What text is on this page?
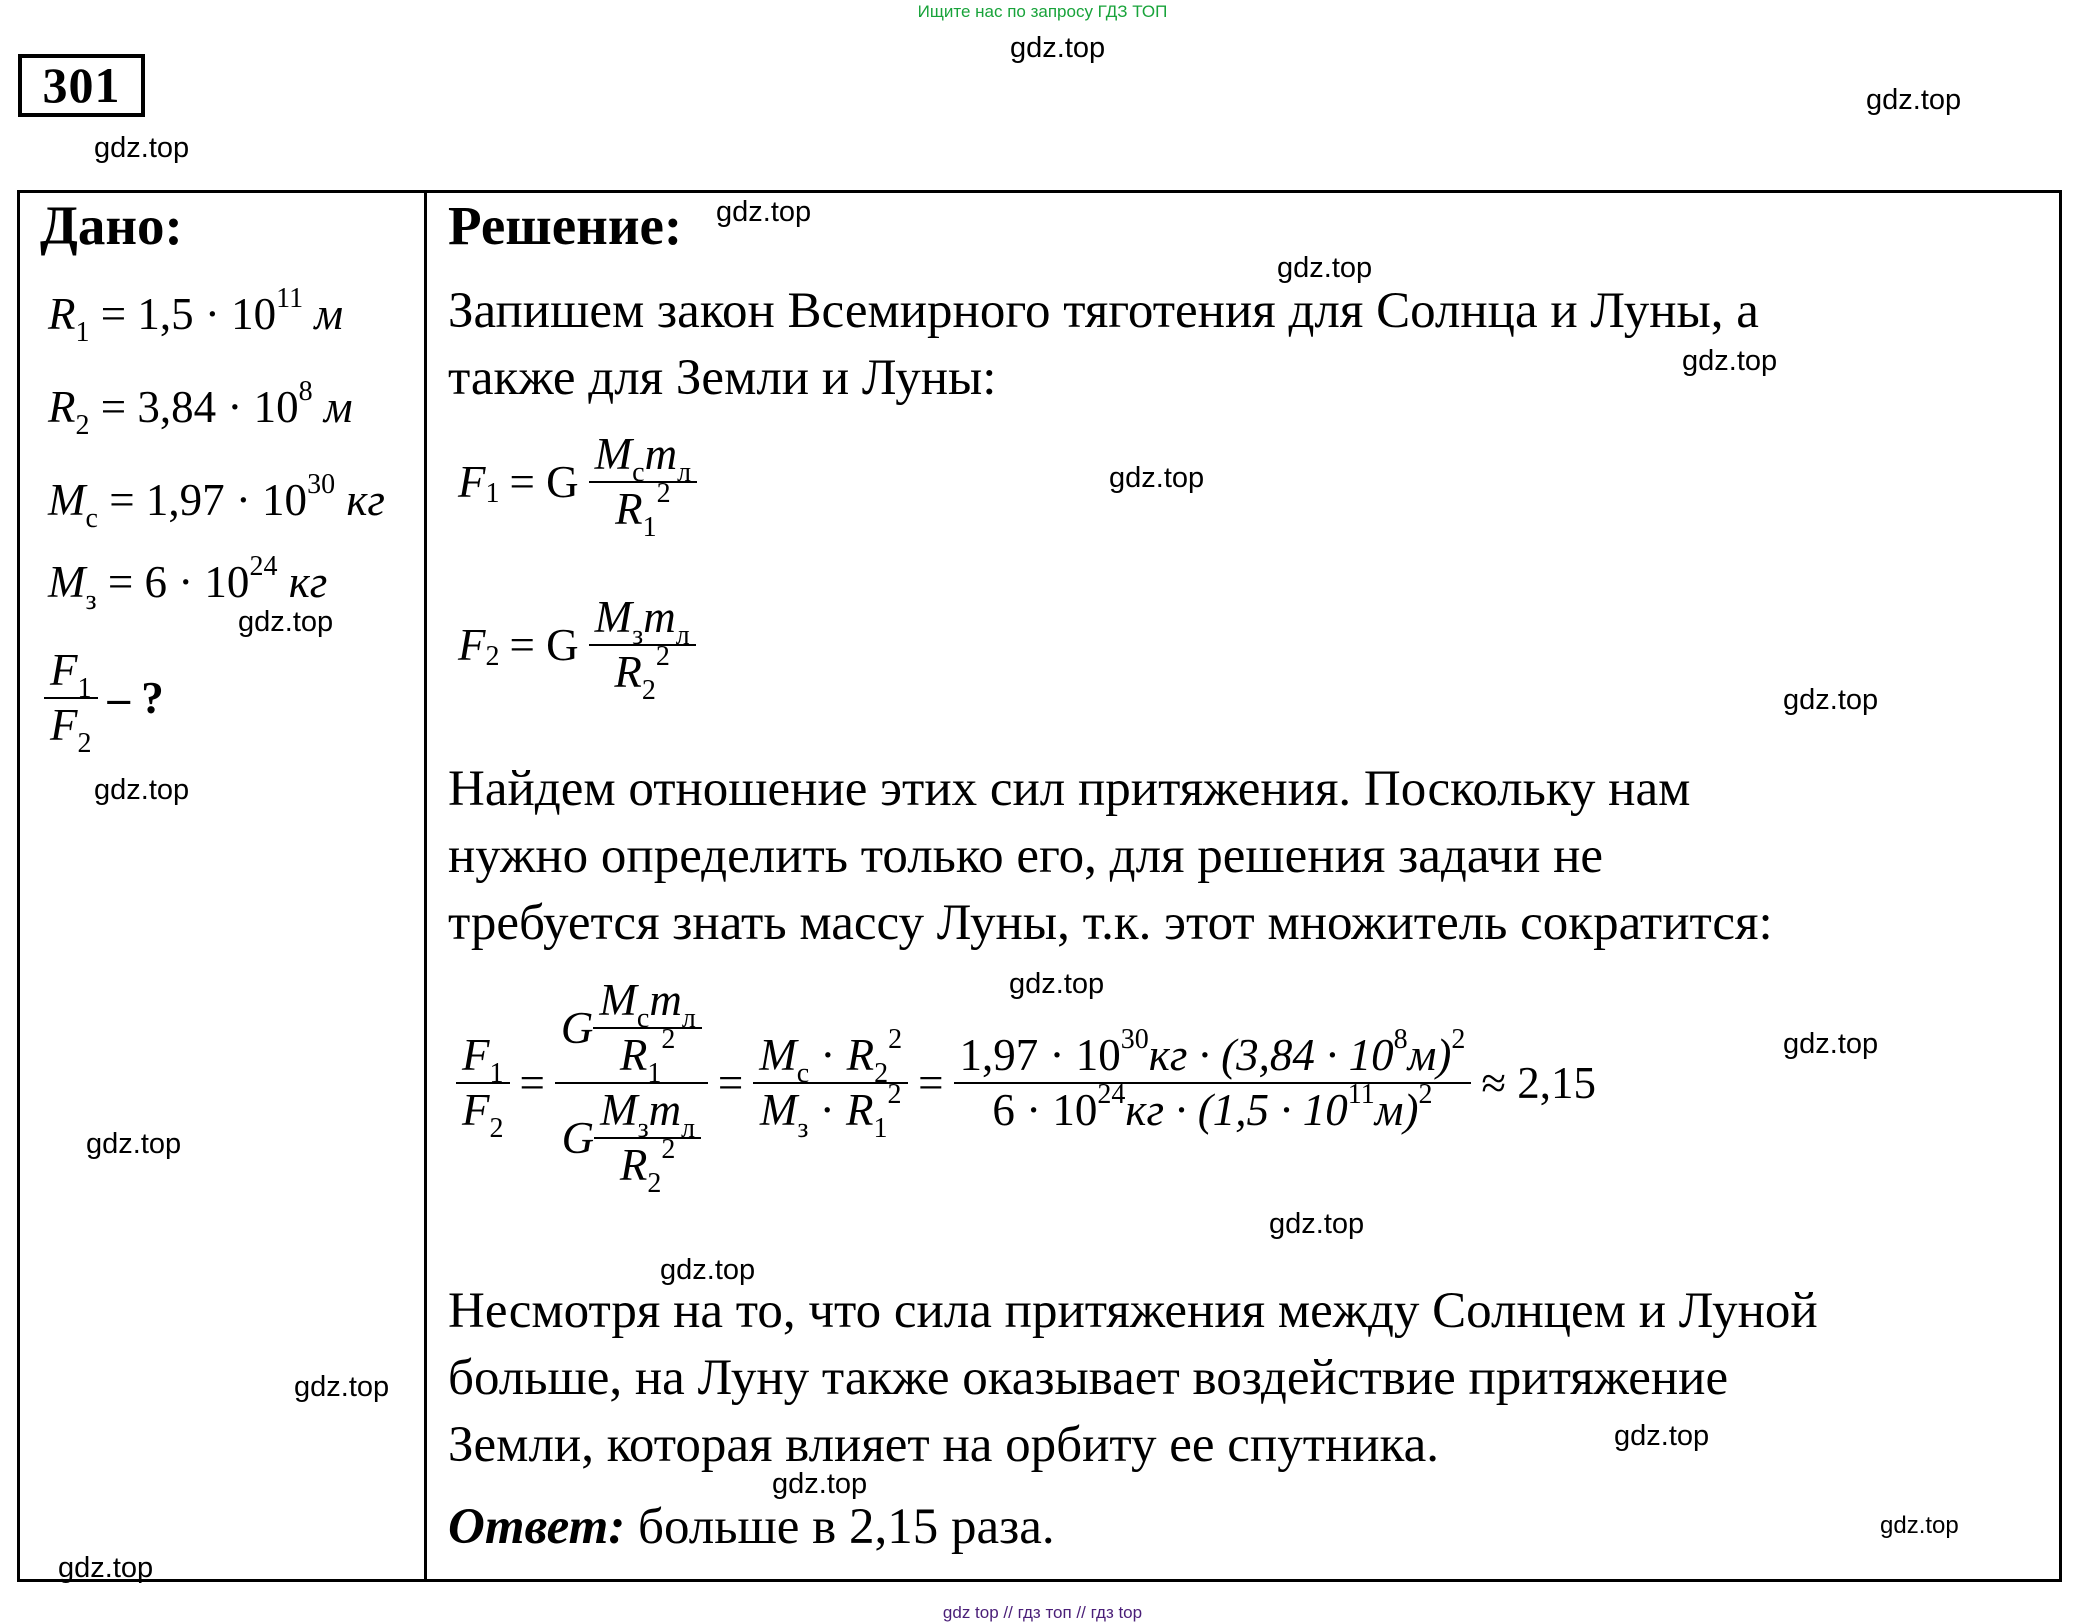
Ищите нас по запросу ГДЗ ТОП
301
Дано:
$R_1 = 1,5 \cdot 10^{11}$ м
$R_2 = 3,84 \cdot 10^8$ м
$M_с = 1,97 \cdot 10^{30}$ кг
$M_з = 6 \cdot 10^{24}$ кг
$\frac{F_1}{F_2}$ – ?
Решение:
Запишем закон Всемирного тяготения для Солнца и Луны, а
также для Земли и Луны:
F 1 = G $\frac{M_сm_л}{R_1^2}$
F 2 = G $\frac{M_зm_л}{R_2^2}$
Найдем отношение этих сил притяжения. Поскольку нам
нужно определить только его, для решения задачи не
требуется знать массу Луны, т.к. этот множитель сократится:
$\frac{F_1}{F_2} = \frac{G \frac{M_сm_л}{R_1^2}}{G \frac{M_зm_л}{R_2^2}} = \frac{M_с \cdot R_2^2}{M_з \cdot R_1^2} = \frac{1,97 \cdot 10^{30}кг \cdot (3,84 \cdot 10^8м)^2}{6 \cdot 10^{24}кг \cdot (1,5 \cdot 10^{11}м)^2} \approx 2,15$
Несмотря на то, что сила притяжения между Солнцем и Луной
больше, на Луну также оказывает воздействие притяжение
Земли, которая влияет на орбиту ее спутника.
Ответ: больше в 2,15 раза.
gdz.top
gdz.top
gdz.top
gdz.top
gdz.top
gdz.top
gdz.top
gdz.top
gdz.top
gdz.top
gdz.top
gdz.top
gdz.top
gdz.top
gdz.top
gdz.top
gdz.top
gdz.top
gdz.top
gdz.top
gdz top // гдз топ // гдз top
